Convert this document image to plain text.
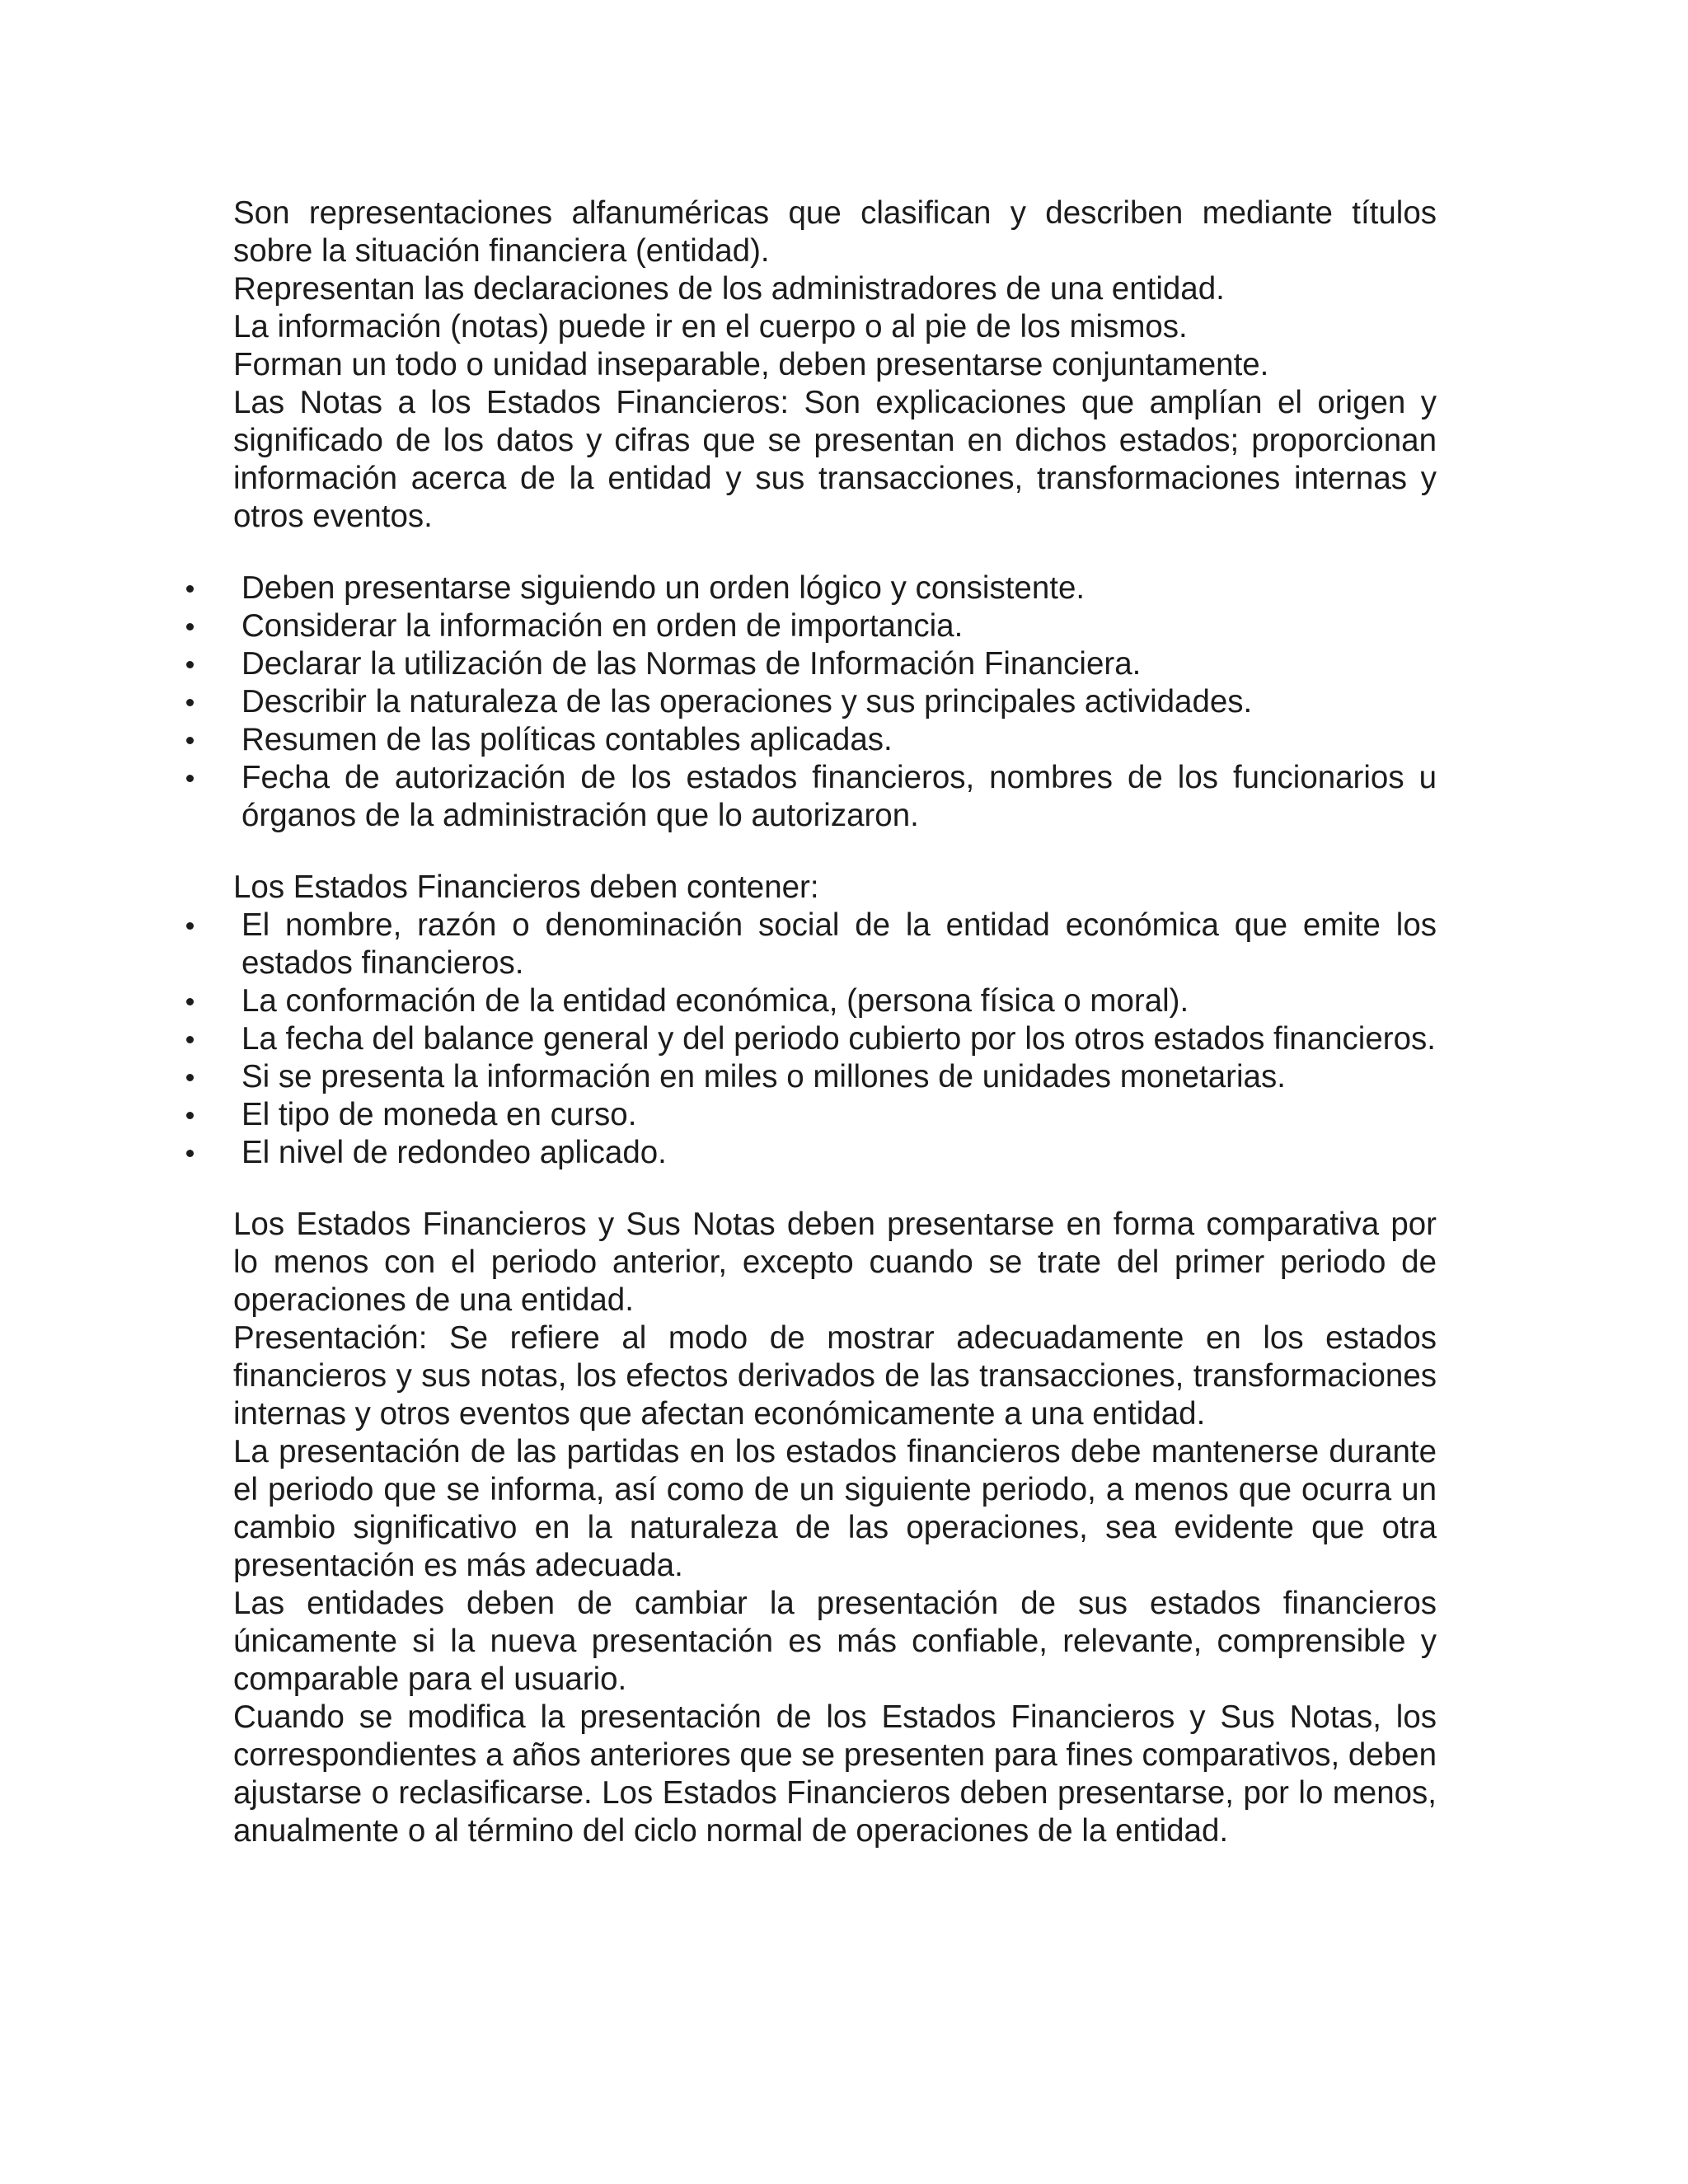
Son representaciones alfanuméricas que clasifican y describen mediante títulos sobre la situación financiera (entidad).

Representan las declaraciones de los administradores de una entidad.

La información (notas) puede ir en el cuerpo o al pie de los mismos.

Forman un todo o unidad inseparable, deben presentarse conjuntamente.

Las Notas a los Estados Financieros: Son explicaciones que amplían el origen y significado de los datos y cifras que se presentan en dichos estados; proporcionan información acerca de la entidad y sus transacciones, transformaciones internas y otros eventos.

Deben presentarse siguiendo un orden lógico y consistente.
Considerar la información en orden de importancia.
Declarar la utilización de las Normas de Información Financiera.
Describir la naturaleza de las operaciones y sus principales actividades.
Resumen de las políticas contables aplicadas.
Fecha de autorización de los estados financieros, nombres de los funcionarios u órganos de la administración que lo autorizaron.

Los Estados Financieros deben contener:

El nombre, razón o denominación social de la entidad económica que emite los estados financieros.
La conformación de la entidad económica, (persona física o moral).
La fecha del balance general y del periodo cubierto por los otros estados financieros.
Si se presenta la información en miles o millones de unidades monetarias.
El tipo de moneda en curso.
El nivel de redondeo aplicado.

Los Estados Financieros y Sus Notas deben presentarse en forma comparativa por lo menos con el periodo anterior, excepto cuando se trate del primer periodo de operaciones de una entidad.

Presentación: Se refiere al modo de mostrar adecuadamente en los estados financieros y sus notas, los efectos derivados de las transacciones, transformaciones internas y otros eventos que afectan económicamente a una entidad.

La presentación de las partidas en los estados financieros debe mantenerse durante el periodo que se informa, así como de un siguiente periodo, a menos que ocurra un cambio significativo en la naturaleza de las operaciones, sea evidente que otra presentación es más adecuada.

Las entidades deben de cambiar la presentación de sus estados financieros únicamente si la nueva presentación es más confiable, relevante, comprensible y comparable para el usuario.

Cuando se modifica la presentación de los Estados Financieros y Sus Notas, los correspondientes a años anteriores que se presenten para fines comparativos, deben ajustarse o reclasificarse. Los Estados Financieros deben presentarse, por lo menos, anualmente o al término del ciclo normal de operaciones de la entidad.
